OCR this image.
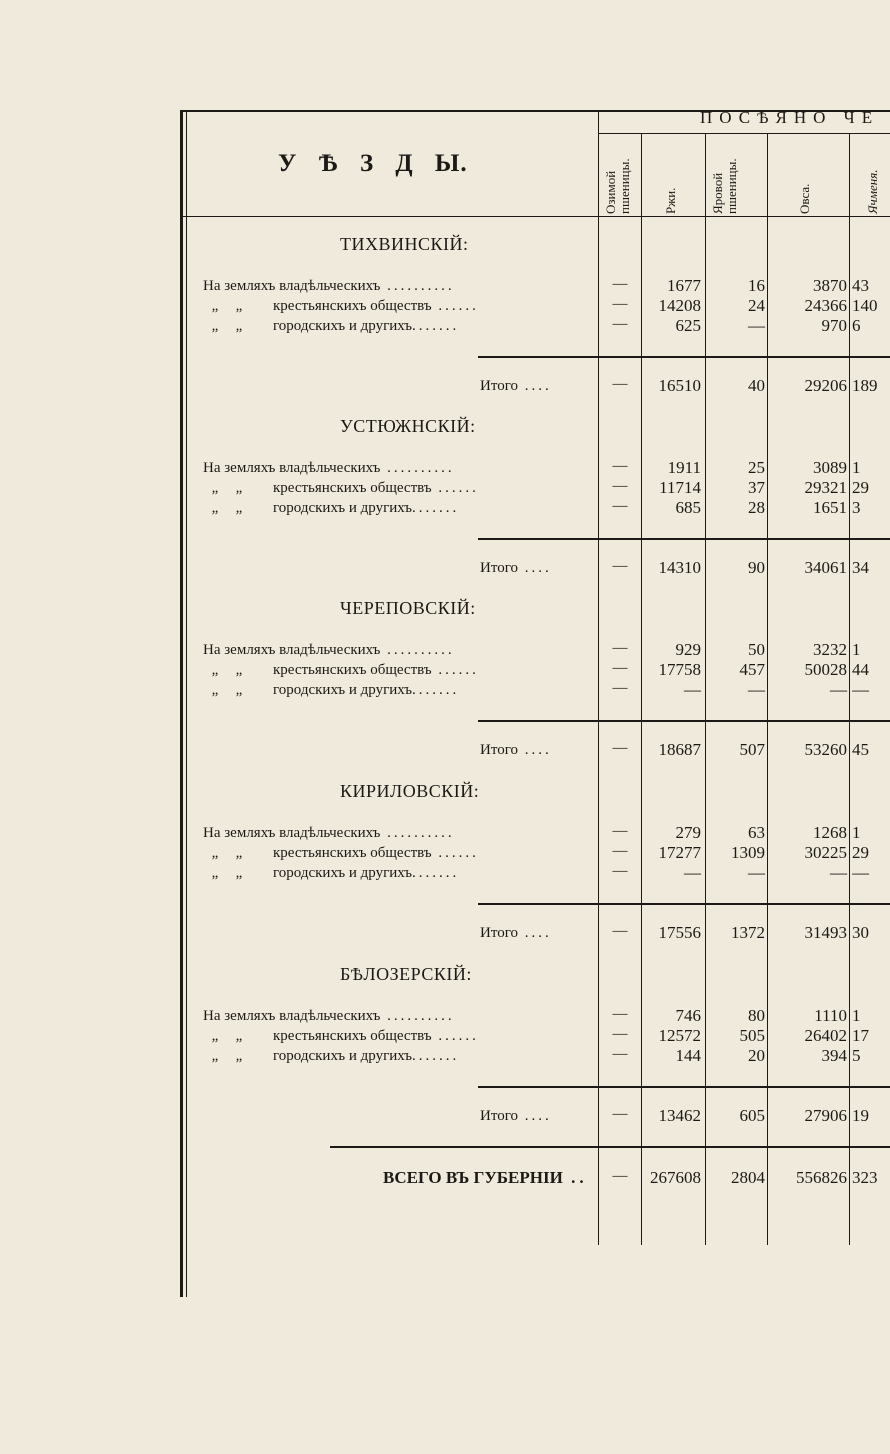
У Ѣ З Д Ы.
ПОСѢЯНО ЧЕ
Озимой пшеницы. Ржи. Яровой пшеницы.	Овса.	Ячменя.
ТИХВИНСКІЙ:
На земляхъ владѣльческихъ ..........	—	1677	16	3870 43
„ „ крестьянскихъ обществъ ......	—	14208	24 24366 140
„ „ городскихъ и другихъ.......	—	625	—	970 6
Итого ....	—	16510	40 29206 189
УСТЮЖНСКІЙ:
На земляхъ владѣльческихъ ..........	—	1911	25	3089 1
„ „ крестьянскихъ обществъ ......	—	11714	37 29321 29
„ „ городскихъ и другихъ.......	—	685	28	1651 3
Итого ....	—	14310	90 34061 34
ЧЕРЕПОВСКІЙ:
На земляхъ владѣльческихъ ..........	—	929	50	3232 1
„ „ крестьянскихъ обществъ ......	—	17758 457 50028 44
„ „ городскихъ и другихъ.......	—	—	—	— —
Итого ....	—	18687 507 53260 45
КИРИЛОВСКІЙ:
На земляхъ владѣльческихъ ..........	—	279	63	1268 1
„ „ крестьянскихъ обществъ ......	—	17277 1309 30225 29
„ „ городскихъ и другихъ.......	—	—	—	— —
Итого ....	—	17556 1372 31493 30
БѢЛОЗЕРСКІЙ:
На земляхъ владѣльческихъ ..........	—	746	80	1110 1
„ „ крестьянскихъ обществъ ......	—	12572 505 26402 17
„ „ городскихъ и другихъ.......	—	144	20	394 5
Итого ....	—	13462 605 27906 19
ВСЕГО ВЪ ГУБЕРНІИ ..	—	267608 2804 556826 323
